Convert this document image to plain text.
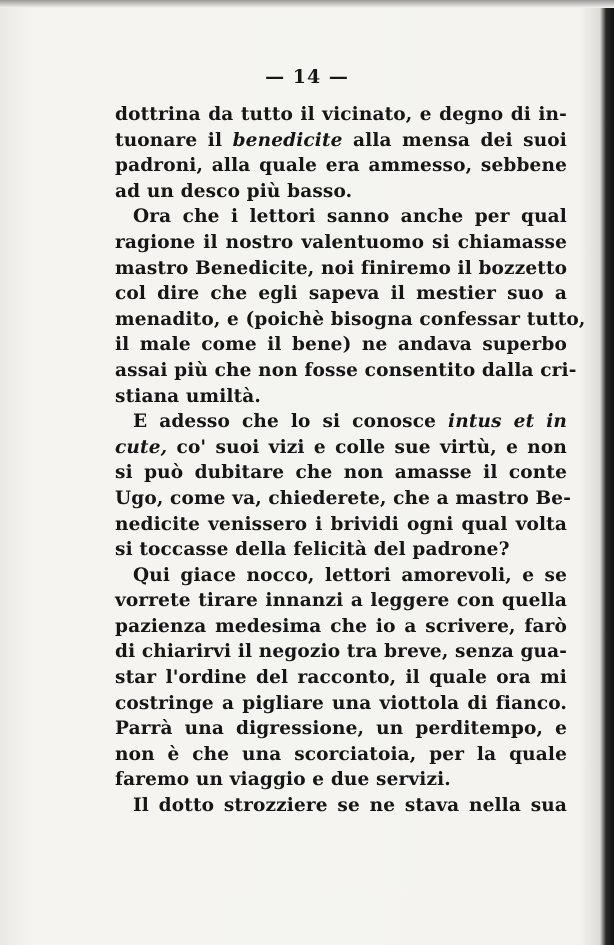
— 14 —
dottrina da tutto il vicinato, e degno di in-
tuonare il benedicite alla mensa dei suoi
padroni, alla quale era ammesso, sebbene
ad un desco più basso.
Ora che i lettori sanno anche per qual
ragione il nostro valentuomo si chiamasse
mastro Benedicite, noi finiremo il bozzetto
col dire che egli sapeva il mestier suo a
menadito, e (poichè bisogna confessar tutto,
il male come il bene) ne andava superbo
assai più che non fosse consentito dalla cri-
stiana umiltà.
E adesso che lo si conosce intus et in
cute, co' suoi vizi e colle sue virtù, e non
si può dubitare che non amasse il conte
Ugo, come va, chiederete, che a mastro Be-
nedicite venissero i brividi ogni qual volta
si toccasse della felicità del padrone?
Qui giace nocco, lettori amorevoli, e se
vorrete tirare innanzi a leggere con quella
pazienza medesima che io a scrivere, farò
di chiarirvi il negozio tra breve, senza gua-
star l'ordine del racconto, il quale ora mi
costringe a pigliare una viottola di fianco.
Parrà una digressione, un perditempo, e
non è che una scorciatoia, per la quale
faremo un viaggio e due servizi.
Il dotto strozziere se ne stava nella sua
